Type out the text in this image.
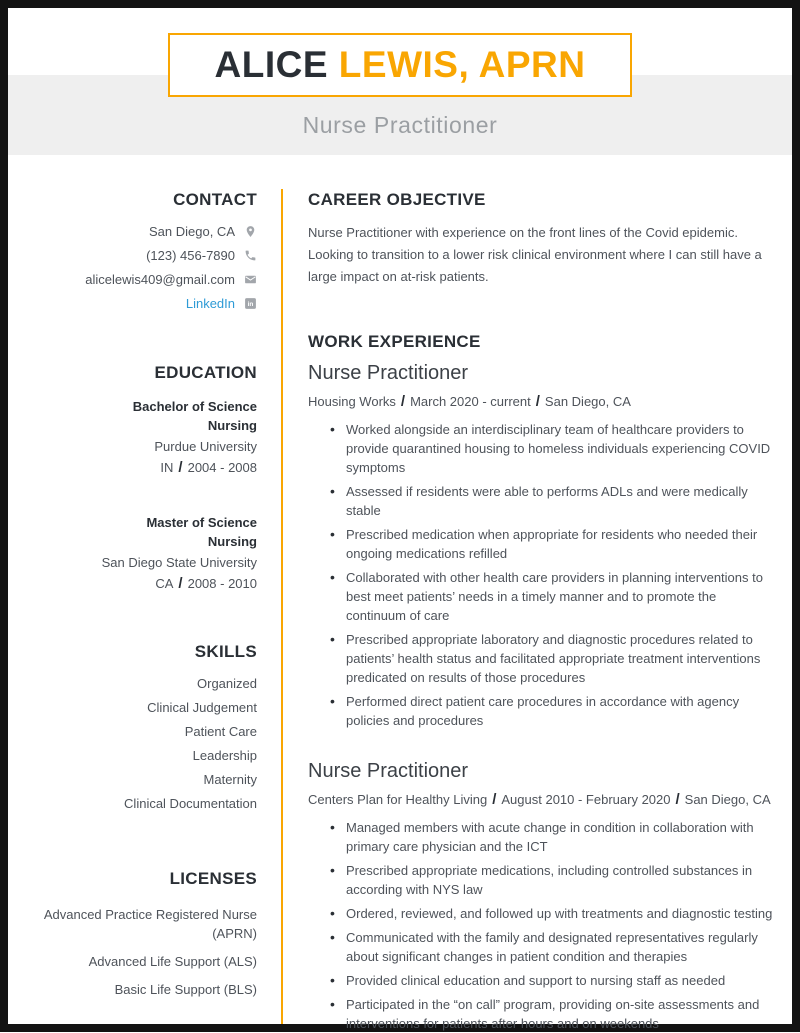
ALICE LEWIS, APRN
Nurse Practitioner
CONTACT
San Diego, CA
(123) 456-7890
alicelewis409@gmail.com
LinkedIn in
EDUCATION
Bachelor of Science Nursing
Purdue University
IN / 2004 - 2008
Master of Science Nursing
San Diego State University
CA / 2008 - 2010
SKILLS
Organized
Clinical Judgement
Patient Care
Leadership
Maternity
Clinical Documentation
LICENSES
Advanced Practice Registered Nurse (APRN)
Advanced Life Support (ALS)
Basic Life Support (BLS)
CAREER OBJECTIVE

Nurse Practitioner with experience on the front lines of the Covid epidemic. Looking to transition to a lower risk clinical environment where I can still have a large impact on at-risk patients.

WORK EXPERIENCE
Nurse Practitioner
Housing Works / March 2020 - current / San Diego, CA
• Worked alongside an interdisciplinary team of healthcare providers to provide quarantined housing to homeless individuals experiencing COVID symptoms
• Assessed if residents were able to performs ADLs and were medically stable
• Prescribed medication when appropriate for residents who needed their ongoing medications refilled
• Collaborated with other health care providers in planning interventions to best meet patients’ needs in a timely manner and to promote the continuum of care
• Prescribed appropriate laboratory and diagnostic procedures related to patients’ health status and facilitated appropriate treatment interventions predicated on results of those procedures
• Performed direct patient care procedures in accordance with agency policies and procedures
Nurse Practitioner
Centers Plan for Healthy Living / August 2010 - February 2020 / San Diego, CA
• Managed members with acute change in condition in collaboration with primary care physician and the ICT
• Prescribed appropriate medications, including controlled substances in according with NYS law
• Ordered, reviewed, and followed up with treatments and diagnostic testing
• Communicated with the family and designated representatives regularly about significant changes in patient condition and therapies
• Provided clinical education and support to nursing staff as needed
• Participated in the “on call” program, providing on-site assessments and interventions for patients after hours and on weekends
